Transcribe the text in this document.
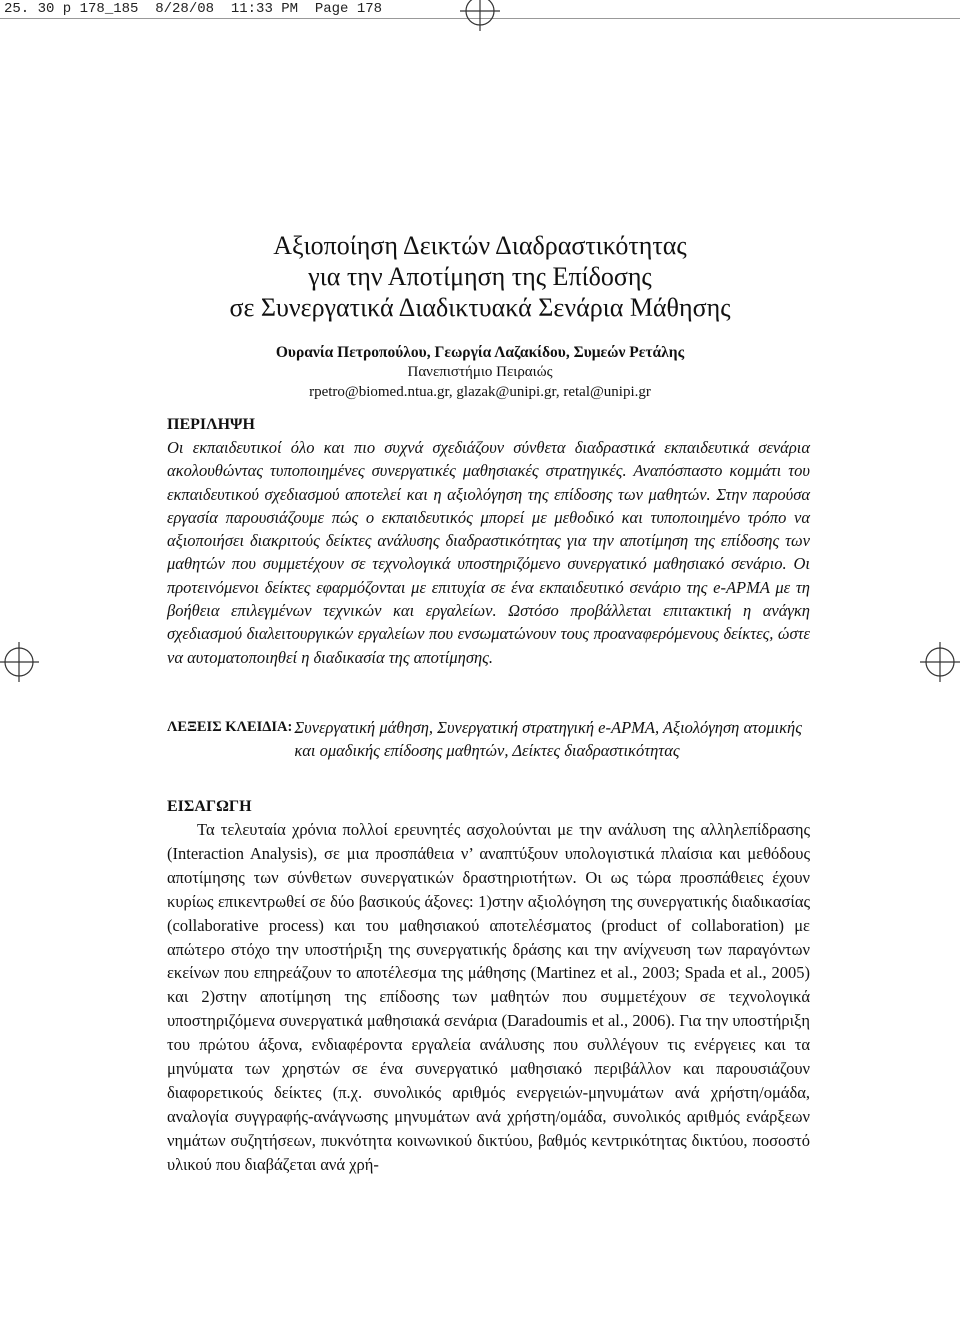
25. 30 p 178_185  8/28/08  11:33 PM  Page 178
Αξιοποίηση Δεικτών Διαδραστικότητας
για την Αποτίμηση της Επίδοσης
σε Συνεργατικά Διαδικτυακά Σενάρια Μάθησης
Ουρανία Πετροπούλου, Γεωργία Λαζακίδου, Συμεών Ρετάλης
Πανεπιστήμιο Πειραιώς
rpetro@biomed.ntua.gr, glazak@unipi.gr, retal@unipi.gr
ΠΕΡΙΛΗΨΗ

Οι εκπαιδευτικοί όλο και πιο συχνά σχεδιάζουν σύνθετα διαδραστικά εκπαιδευτικά σενάρια ακολουθώντας τυποποιημένες συνεργατικές μαθησιακές στρατηγικές. Αναπόσπαστο κομμάτι του εκπαιδευτικού σχεδιασμού αποτελεί και η αξιολόγηση της επίδοσης των μαθητών. Στην παρούσα εργασία παρουσιάζουμε πώς ο εκπαιδευτικός μπορεί με μεθοδικό και τυποποιημένο τρόπο να αξιοποιήσει διακριτούς δείκτες ανάλυσης διαδραστικότητας για την αποτίμηση της επίδοσης των μαθητών που συμμετέχουν σε τεχνολογικά υποστηριζόμενο συνεργατικό μαθησιακό σενάριο. Οι προτεινόμενοι δείκτες εφαρμόζονται με επιτυχία σε ένα εκπαιδευτικό σενάριο της e-ΑΡΜΑ με τη βοήθεια επιλεγμένων τεχνικών και εργαλείων. Ωστόσο προβάλλεται επιτακτική η ανάγκη σχεδιασμού διαλειτουργικών εργαλείων που ενσωματώνουν τους προαναφερόμενους δείκτες, ώστε να αυτοματοποιηθεί η διαδικασία της αποτίμησης.

ΛΕΞΕΙΣ ΚΛΕΙΔΙΑ: Συνεργατική μάθηση, Συνεργατική στρατηγική e-ΑΡΜΑ, Αξιολόγηση ατομικής και ομαδικής επίδοσης μαθητών, Δείκτες διαδραστικότητας
ΕΙΣΑΓΩΓΗ

Τα τελευταία χρόνια πολλοί ερευνητές ασχολούνται με την ανάλυση της αλληλεπίδρασης (Interaction Analysis), σε μια προσπάθεια ν’ αναπτύξουν υπολογιστικά πλαίσια και μεθόδους αποτίμησης των σύνθετων συνεργατικών δραστηριοτήτων. Οι ως τώρα προσπάθειες έχουν κυρίως επικεντρωθεί σε δύο βασικούς άξονες: 1)στην αξιολόγηση της συνεργατικής διαδικασίας (collaborative process) και του μαθησιακού αποτελέσματος (product of collaboration) με απώτερο στόχο την υποστήριξη της συνεργατικής δράσης και την ανίχνευση των παραγόντων εκείνων που επηρεάζουν το αποτέλεσμα της μάθησης (Martinez et al., 2003; Spada et al., 2005) και 2)στην αποτίμηση της επίδοσης των μαθητών που συμμετέχουν σε τεχνολογικά υποστηριζόμενα συνεργατικά μαθησιακά σενάρια (Daradoumis et al., 2006). Για την υποστήριξη του πρώτου άξονα, ενδιαφέροντα εργαλεία ανάλυσης που συλλέγουν τις ενέργειες και τα μηνύματα των χρηστών σε ένα συνεργατικό μαθησιακό περιβάλλον και παρουσιάζουν διαφορετικούς δείκτες (π.χ. συνολικός αριθμός ενεργειών-μηνυμάτων ανά χρήστη/ομάδα, αναλογία συγγραφής-ανάγνωσης μηνυμάτων ανά χρήστη/ομάδα, συνολικός αριθμός ενάρξεων νημάτων συζητήσεων, πυκνότητα κοινωνικού δικτύου, βαθμός κεντρικότητας δικτύου, ποσοστό υλικού που διαβάζεται ανά χρή-
